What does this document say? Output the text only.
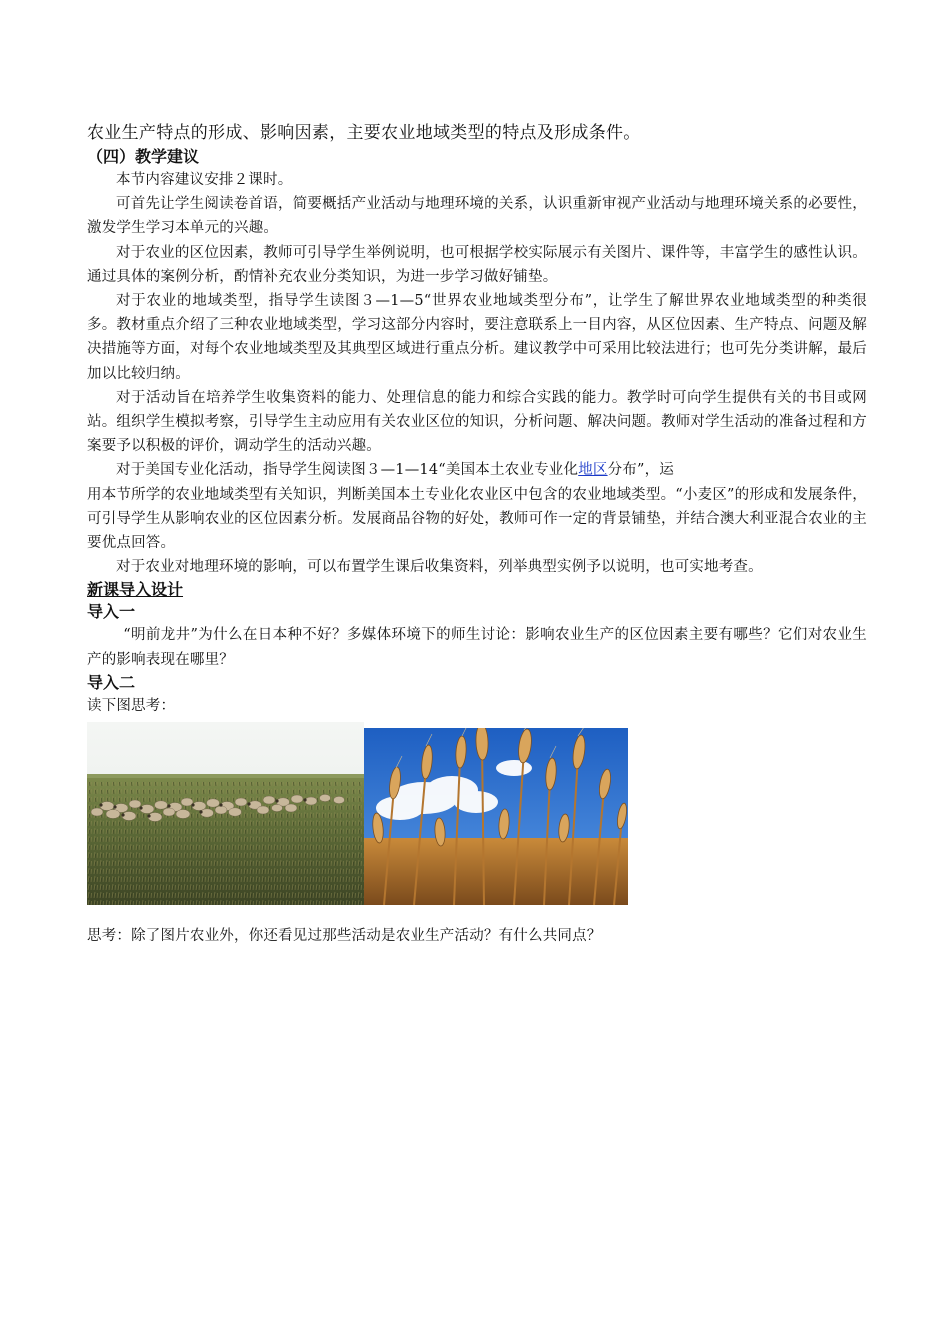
农业生产特点的形成、影响因素，主要农业地域类型的特点及形成条件。

（四）教学建议

本节内容建议安排２课时。

可首先让学生阅读卷首语，简要概括产业活动与地理环境的关系，认识重新审视产业活动与地理环境关系的必要性，激发学生学习本单元的兴趣。

对于农业的区位因素，教师可引导学生举例说明，也可根据学校实际展示有关图片、课件等，丰富学生的感性认识。通过具体的案例分析，酌情补充农业分类知识，为进一步学习做好铺垫。

对于农业的地域类型，指导学生读图３—1—5“世界农业地域类型分布”，让学生了解世界农业地域类型的种类很多。教材重点介绍了三种农业地域类型，学习这部分内容时，要注意联系上一目内容，从区位因素、生产特点、问题及解决措施等方面，对每个农业地域类型及其典型区域进行重点分析。建议教学中可采用比较法进行；也可先分类讲解，最后加以比较归纳。

对于活动旨在培养学生收集资料的能力、处理信息的能力和综合实践的能力。教学时可向学生提供有关的书目或网站。组织学生模拟考察，引导学生主动应用有关农业区位的知识，分析问题、解决问题。教师对学生活动的准备过程和方案要予以积极的评价，调动学生的活动兴趣。

对于美国专业化活动，指导学生阅读图３—1—14“美国本土农业专业化地区分布”，运

用本节所学的农业地域类型有关知识，判断美国本土专业化农业区中包含的农业地域类型。“小麦区”的形成和发展条件，可引导学生从影响农业的区位因素分析。发展商品谷物的好处，教师可作一定的背景铺垫，并结合澳大利亚混合农业的主要优点回答。

对于农业对地理环境的影响，可以布置学生课后收集资料，列举典型实例予以说明，也可实地考查。

新课导入设计

导入一

“明前龙井”为什么在日本种不好？多媒体环境下的师生讨论：影响农业生产的区位因素主要有哪些？它们对农业生产的影响表现在哪里？

导入二

读下图思考：

思考：除了图片农业外，你还看见过那些活动是农业生产活动？有什么共同点？
